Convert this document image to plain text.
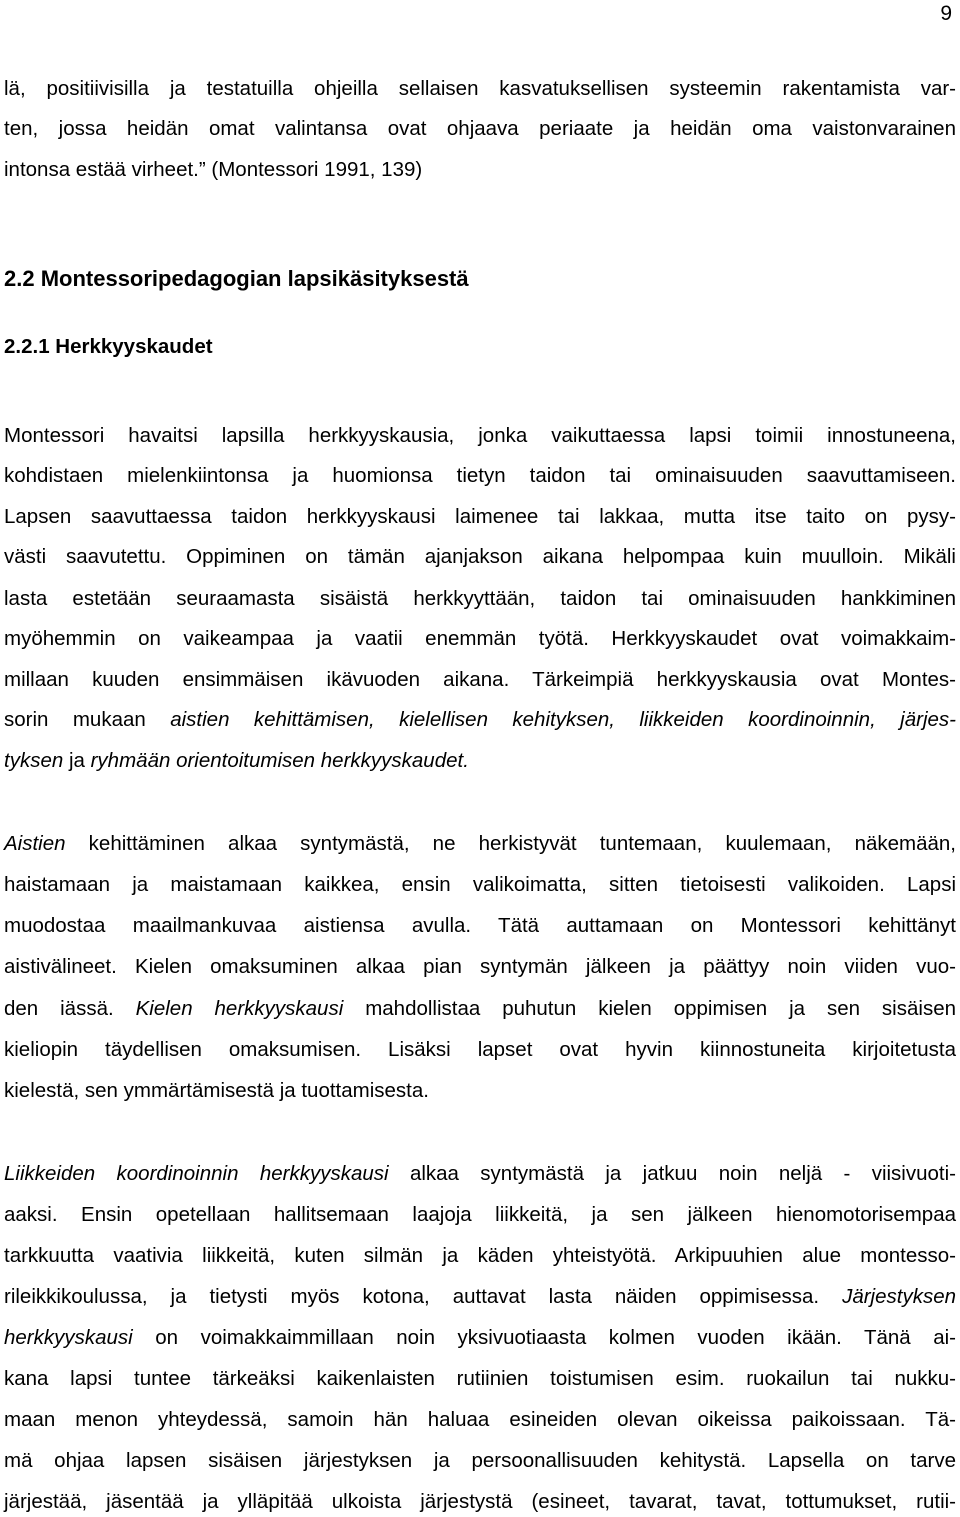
9
lä, positiivisilla ja testatuilla ohjeilla sellaisen kasvatuksellisen systeemin rakentamista var-
ten, jossa heidän omat valintansa ovat ohjaava periaate ja heidän oma vaistonvarainen
intonsa estää virheet.” (Montessori 1991, 139)
2.2 Montessoripedagogian lapsikäsityksestä
2.2.1 Herkkyyskaudet
Montessori havaitsi lapsilla herkkyyskausia, jonka vaikuttaessa lapsi toimii innostuneena,
kohdistaen mielenkiintonsa ja huomionsa tietyn taidon tai ominaisuuden saavuttamiseen.
Lapsen saavuttaessa taidon herkkyyskausi laimenee tai lakkaa, mutta itse taito on pysy-
västi saavutettu. Oppiminen on tämän ajanjakson aikana helpompaa kuin muulloin. Mikäli
lasta estetään seuraamasta sisäistä herkkyyttään, taidon tai ominaisuuden hankkiminen
myöhemmin on vaikeampaa ja vaatii enemmän työtä. Herkkyyskaudet ovat voimakkaim-
millaan kuuden ensimmäisen ikävuoden aikana. Tärkeimpiä herkkyyskausia ovat Montes-
sorin mukaan aistien kehittämisen, kielellisen kehityksen, liikkeiden koordinoinnin, järjes-
tyksen ja ryhmään orientoitumisen herkkyyskaudet.
Aistien kehittäminen alkaa syntymästä, ne herkistyvät tuntemaan, kuulemaan, näkemään,
haistamaan ja maistamaan kaikkea, ensin valikoimatta, sitten tietoisesti valikoiden. Lapsi
muodostaa maailmankuvaa aistiensa avulla. Tätä auttamaan on Montessori kehittänyt
aistivälineet. Kielen omaksuminen alkaa pian syntymän jälkeen ja päättyy noin viiden vuo-
den iässä. Kielen herkkyyskausi mahdollistaa puhutun kielen oppimisen ja sen sisäisen
kieliopin täydellisen omaksumisen. Lisäksi lapset ovat hyvin kiinnostuneita kirjoitetusta
kielestä, sen ymmärtämisestä ja tuottamisesta.
Liikkeiden koordinoinnin herkkyyskausi alkaa syntymästä ja jatkuu noin neljä - viisivuoti-
aaksi. Ensin opetellaan hallitsemaan laajoja liikkeitä, ja sen jälkeen hienomotorisempaa
tarkkuutta vaativia liikkeitä, kuten silmän ja käden yhteistyötä. Arkipuuhien alue montesso-
rileikkikoulussa, ja tietysti myös kotona, auttavat lasta näiden oppimisessa. Järjestyksen
herkkyyskausi on voimakkaimmillaan noin yksivuotiaasta kolmen vuoden ikään. Tänä ai-
kana lapsi tuntee tärkeäksi kaikenlaisten rutiinien toistumisen esim. ruokailun tai nukku-
maan menon yhteydessä, samoin hän haluaa esineiden olevan oikeissa paikoissaan. Tä-
mä ohjaa lapsen sisäisen järjestyksen ja persoonallisuuden kehitystä. Lapsella on tarve
järjestää, jäsentää ja ylläpitää ulkoista järjestystä (esineet, tavarat, tavat, tottumukset, rutii-
